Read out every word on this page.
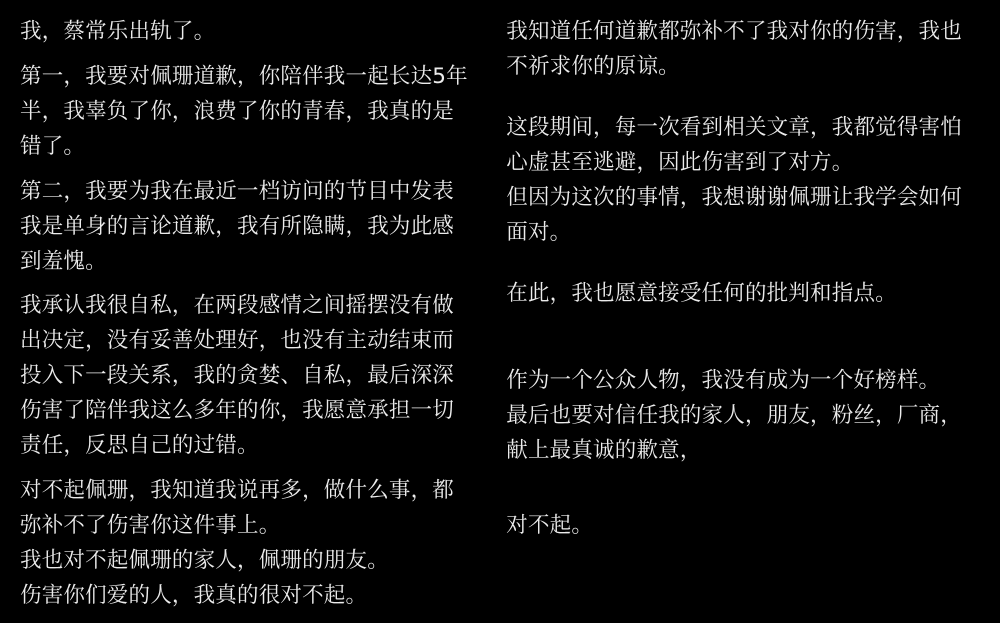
我，蔡常乐出轨了。

第一，我要对佩珊道歉，你陪伴我一起长达5年半，我辜负了你，浪费了你的青春，我真的是错了。

第二，我要为我在最近一档访问的节目中发表我是单身的言论道歉，我有所隐瞒，我为此感到羞愧。

我承认我很自私，在两段感情之间摇摆没有做出决定，没有妥善处理好，也没有主动结束而投入下一段关系，我的贪婪、自私，最后深深伤害了陪伴我这么多年的你，我愿意承担一切责任，反思自己的过错。

对不起佩珊，我知道我说再多，做什么事，都弥补不了伤害你这件事上。

我也对不起佩珊的家人，佩珊的朋友。

伤害你们爱的人，我真的很对不起。

我知道任何道歉都弥补不了我对你的伤害，我也不祈求你的原谅。

这段期间，每一次看到相关文章，我都觉得害怕心虚甚至逃避，因此伤害到了对方。

但因为这次的事情，我想谢谢佩珊让我学会如何面对。

在此，我也愿意接受任何的批判和指点。

作为一个公众人物，我没有成为一个好榜样。

最后也要对信任我的家人，朋友，粉丝，厂商，献上最真诚的歉意，

对不起。
